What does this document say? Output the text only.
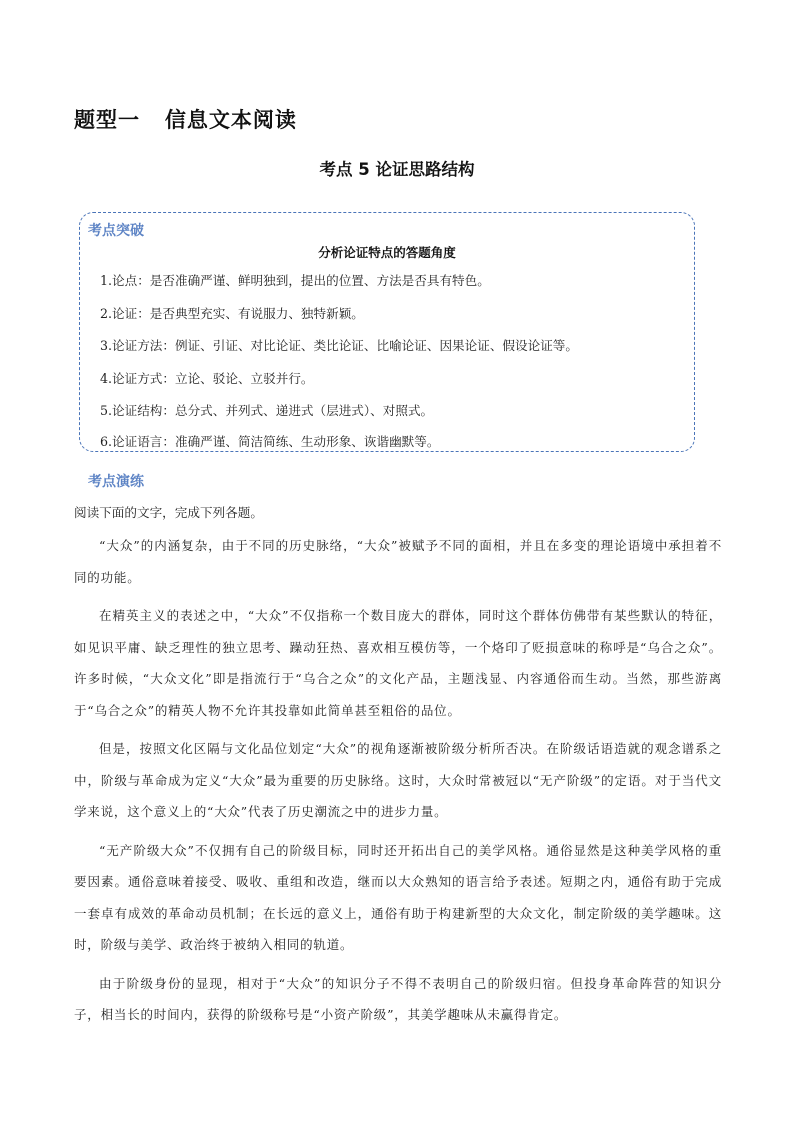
题型一   信息文本阅读
考点 5 论证思路结构
考点突破
分析论证特点的答题角度
1.论点：是否准确严谨、鲜明独到，提出的位置、方法是否具有特色。
2.论证：是否典型充实、有说服力、独特新颖。
3.论证方法：例证、引证、对比论证、类比论证、比喻论证、因果论证、假设论证等。
4.论证方式：立论、驳论、立驳并行。
5.论证结构：总分式、并列式、递进式（层进式）、对照式。
6.论证语言：准确严谨、简洁简练、生动形象、诙谐幽默等。
考点演练
阅读下面的文字，完成下列各题。

“大众”的内涵复杂，由于不同的历史脉络，“大众”被赋予不同的面相，并且在多变的理论语境中承担着不同的功能。

在精英主义的表述之中，“大众”不仅指称一个数目庞大的群体，同时这个群体仿佛带有某些默认的特征，如见识平庸、缺乏理性的独立思考、躁动狂热、喜欢相互模仿等，一个烙印了贬损意味的称呼是“乌合之众”。许多时候，“大众文化”即是指流行于“乌合之众”的文化产品，主题浅显、内容通俗而生动。当然，那些游离于“乌合之众”的精英人物不允许其投靠如此简单甚至粗俗的品位。

但是，按照文化区隔与文化品位划定“大众”的视角逐渐被阶级分析所否决。在阶级话语造就的观念谱系之中，阶级与革命成为定义“大众”最为重要的历史脉络。这时，大众时常被冠以“无产阶级”的定语。对于当代文学来说，这个意义上的“大众”代表了历史潮流之中的进步力量。

“无产阶级大众”不仅拥有自己的阶级目标，同时还开拓出自己的美学风格。通俗显然是这种美学风格的重要因素。通俗意味着接受、吸收、重组和改造，继而以大众熟知的语言给予表述。短期之内，通俗有助于完成一套卓有成效的革命动员机制；在长远的意义上，通俗有助于构建新型的大众文化，制定阶级的美学趣味。这时，阶级与美学、政治终于被纳入相同的轨道。

由于阶级身份的显现，相对于“大众”的知识分子不得不表明自己的阶级归宿。但投身革命阵营的知识分子，相当长的时间内，获得的阶级称号是“小资产阶级”，其美学趣味从未赢得肯定。
